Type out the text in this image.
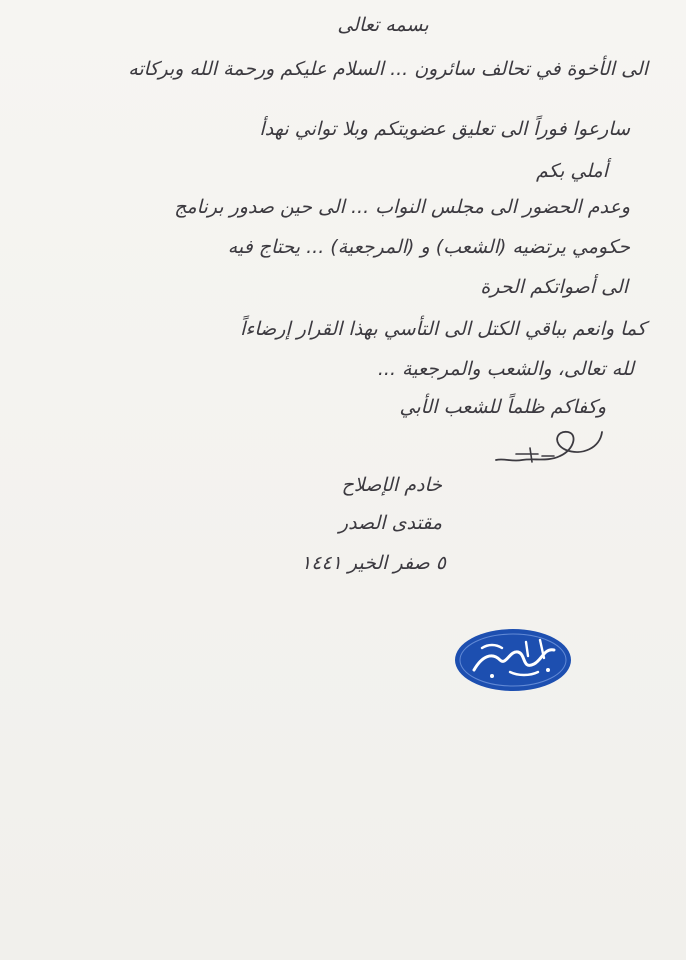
بسمه تعالى
الى الأخوة في تحالف سائرون ... السلام عليكم ورحمة الله وبركاته
سارعوا فوراً الى تعليق عضويتكم وبلا تواني نهدأ
أملي بكم
وعدم الحضور الى مجلس النواب ... الى حين صدور برنامج
حكومي يرتضيه (الشعب) و (المرجعية) ... يحتاج فيه
الى أصواتكم الحرة
كما وانعم بباقي الكتل الى التأسي بهذا القرار إرضاءاً
لله تعالى، والشعب والمرجعية ...
وكفاكم ظلماً للشعب الأبي
خادم الإصلاح
مقتدى الصدر
٥ صفر الخير ١٤٤١
